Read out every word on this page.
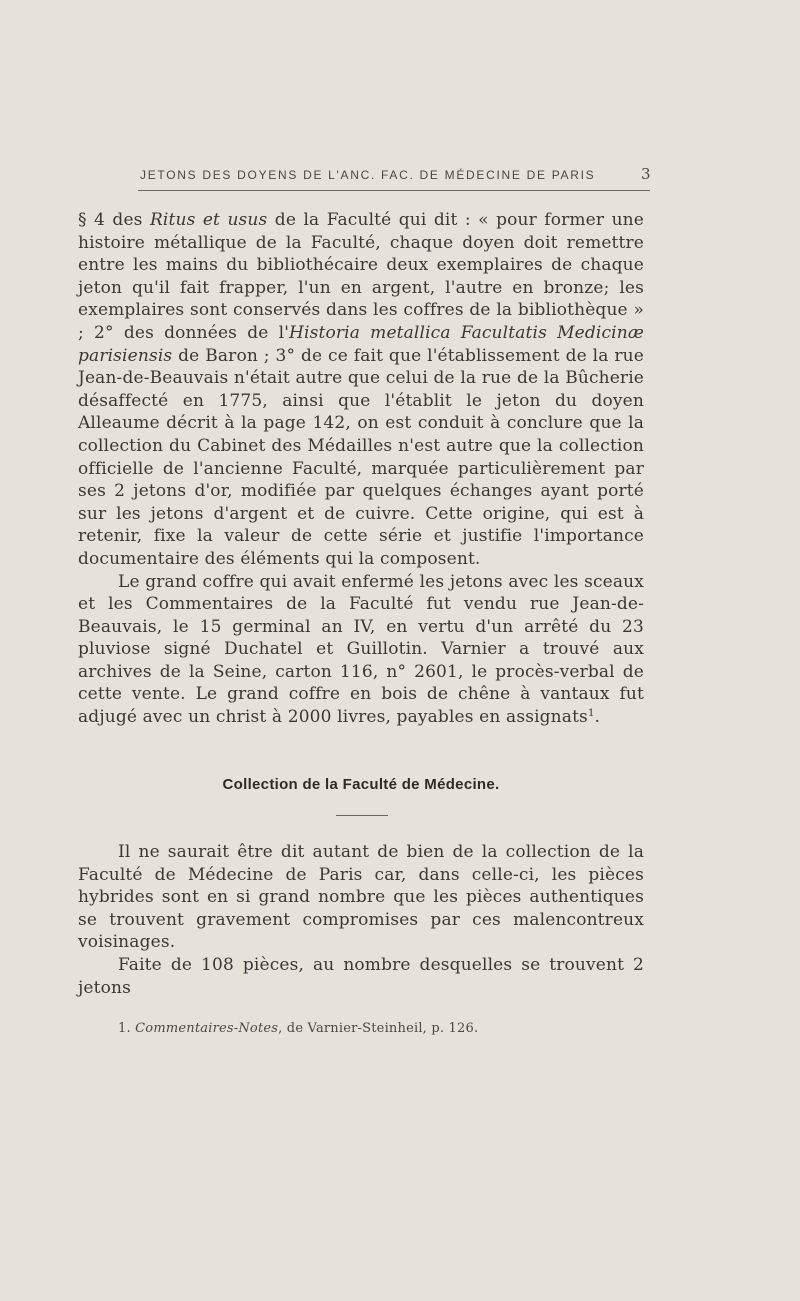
JETONS DES DOYENS DE L'ANC. FAC. DE MÉDECINE DE PARIS	3

§ 4 des Ritus et usus de la Faculté qui dit : « pour former une histoire métallique de la Faculté, chaque doyen doit remettre entre les mains du bibliothécaire deux exemplaires de chaque jeton qu'il fait frapper, l'un en argent, l'autre en bronze; les exemplaires sont conservés dans les coffres de la bibliothèque » ; 2° des données de l'Historia metallica Facultatis Medicinæ parisiensis de Baron ; 3° de ce fait que l'établissement de la rue Jean-de-Beauvais n'était autre que celui de la rue de la Bûcherie désaffecté en 1775, ainsi que l'établit le jeton du doyen Alleaume décrit à la page 142, on est conduit à conclure que la collection du Cabinet des Médailles n'est autre que la collection officielle de l'ancienne Faculté, marquée particulièrement par ses 2 jetons d'or, modifiée par quelques échanges ayant porté sur les jetons d'argent et de cuivre. Cette origine, qui est à retenir, fixe la valeur de cette série et justifie l'importance documentaire des éléments qui la composent.

Le grand coffre qui avait enfermé les jetons avec les sceaux et les Commentaires de la Faculté fut vendu rue Jean-de-Beauvais, le 15 germinal an IV, en vertu d'un arrêté du 23 pluviose signé Duchatel et Guillotin. Varnier a trouvé aux archives de la Seine, carton 116, n° 2601, le procès-verbal de cette vente. Le grand coffre en bois de chêne à vantaux fut adjugé avec un christ à 2000 livres, payables en assignats$^1$.

Collection de la Faculté de Médecine.

Il ne saurait être dit autant de bien de la collection de la Faculté de Médecine de Paris car, dans celle-ci, les pièces hybrides sont en si grand nombre que les pièces authentiques se trouvent gravement compromises par ces malencontreux voisinages.

Faite de 108 pièces, au nombre desquelles se trouvent 2 jetons

1. Commentaires-Notes, de Varnier-Steinheil, p. 126.
